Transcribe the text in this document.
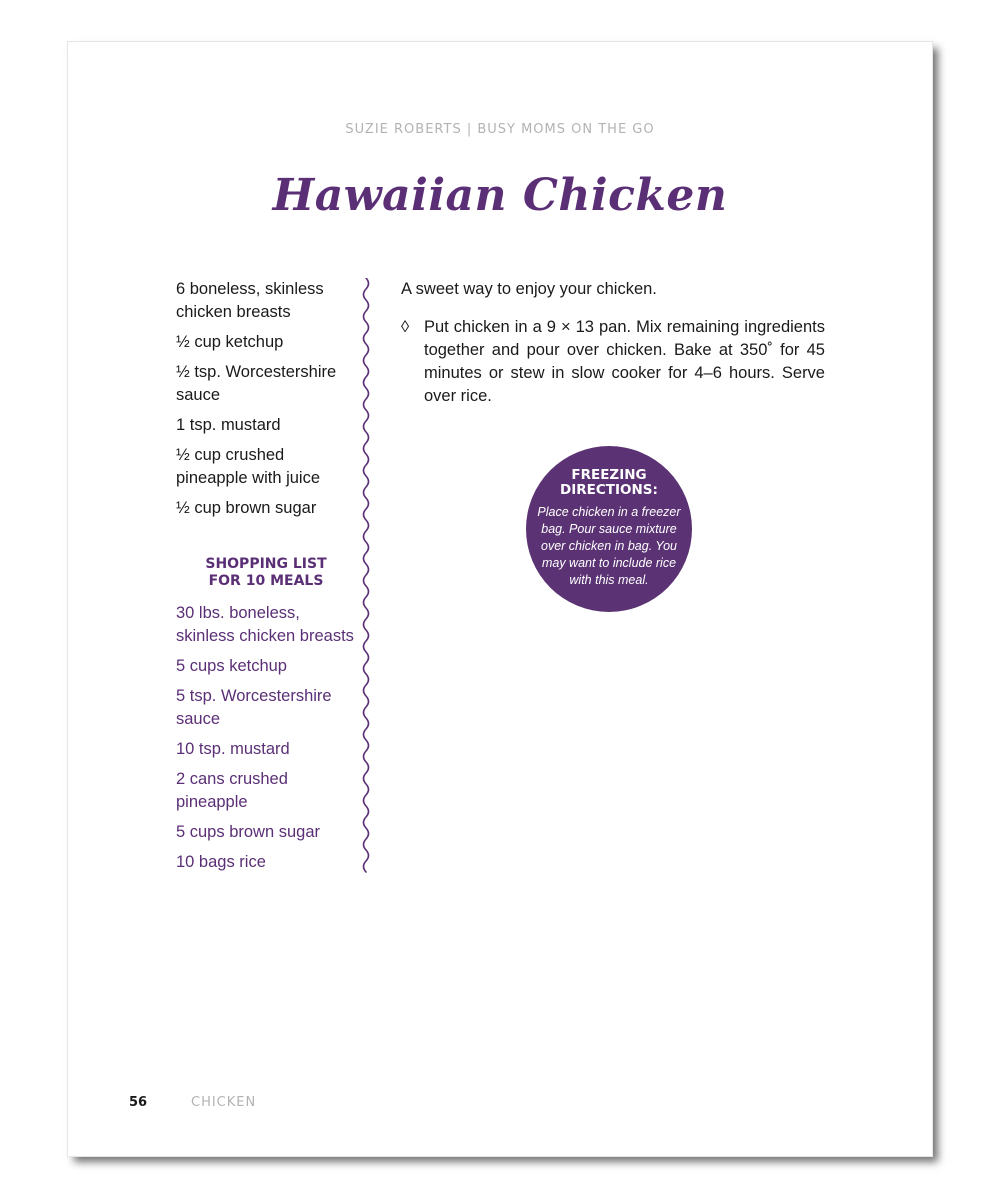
SUZIE ROBERTS | BUSY MOMS ON THE GO
Hawaiian Chicken
6 boneless, skinless chicken breasts
½ cup ketchup
½ tsp. Worcestershire sauce
1 tsp. mustard
½ cup crushed pineapple with juice
½ cup brown sugar
SHOPPING LIST
FOR 10 MEALS
30 lbs. boneless, skinless chicken breasts
5 cups ketchup
5 tsp. Worcestershire sauce
10 tsp. mustard
2 cans crushed pineapple
5 cups brown sugar
10 bags rice
A sweet way to enjoy your chicken.
◊ Put chicken in a 9 × 13 pan. Mix remaining ingredients together and pour over chicken. Bake at 350˚ for 45 minutes or stew in slow cooker for 4–6 hours. Serve over rice.
FREEZING
DIRECTIONS:
Place chicken in a freezer bag. Pour sauce mixture over chicken in bag. You may want to include rice with this meal.
56	CHICKEN
